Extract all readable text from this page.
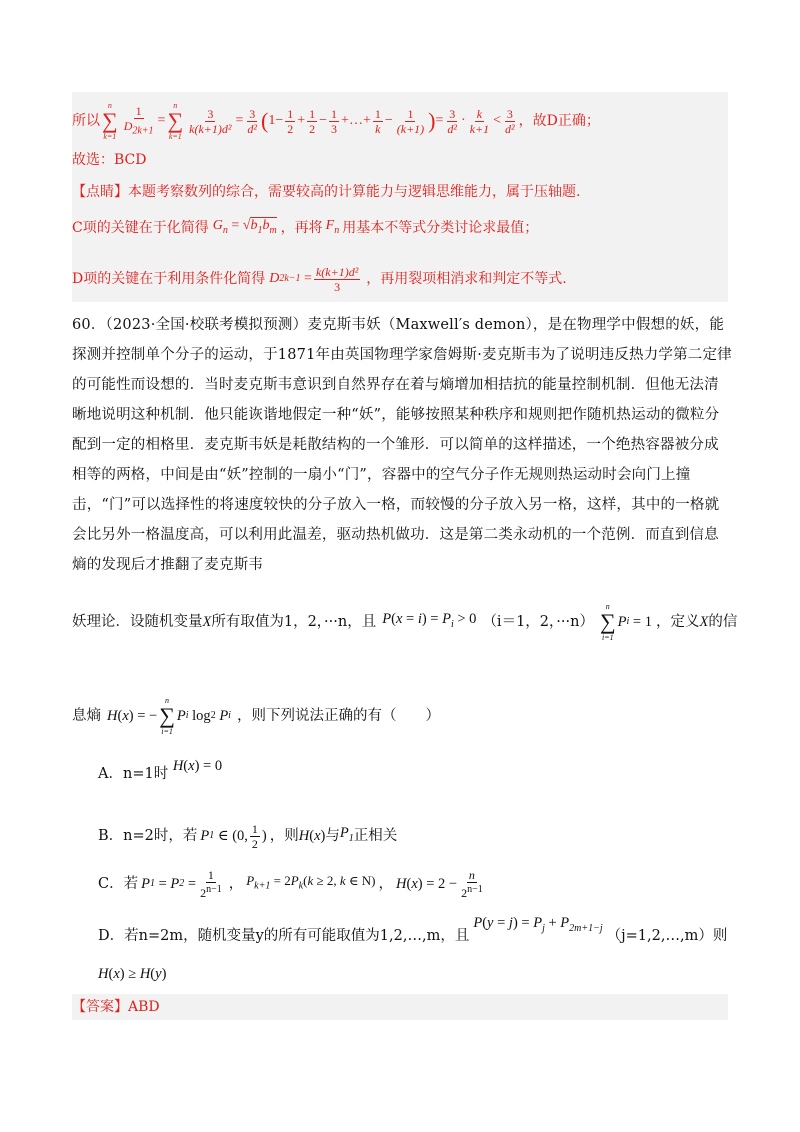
所以
n
∑
$k=1 \frac{1}{D_{2k+1}}$ =
n
∑
k=1
$\frac{3}{\text{k(k+1)d²}} = \frac{3}{\text{d²}}$ ( $1- \frac{1}{2} + \frac{1}{2} - \frac{1}{3}$ +…+ $\frac{1}{k} - \frac{1}{(k+1)}$ ) = $\frac{3}{\text{d²}} \cdot \frac{k}{k+1} < \frac{3}{\text{d²}}$ ，故D正确；
故选：BCD
【点睛】本题考察数列的综合，需要较高的计算能力与逻辑思维能力，属于压轴题.
C项的关键在于化简得 $G_n = √b_1b_m$ ，再将 $F_n$ 用基本不等式分类讨论求最值；
D项的关键在于利用条件化简得 D 2k−1
= $\frac{\text{k(k+1)d²}}{3}$ ，再用裂项相消求和判定不等式.
60．（2023·全国·校联考模拟预测）麦克斯韦妖（Maxwell′s demon），是在物理学中假想的妖，能探测并控制单个分子的运动，于1871年由英国物理学家詹姆斯·麦克斯韦为了说明违反热力学第二定律的可能性而设想的．当时麦克斯韦意识到自然界存在着与熵增加相拮抗的能量控制机制．但他无法清晰地说明这种机制．他只能诙谐地假定一种“妖”，能够按照某种秩序和规则把作随机热运动的微粒分配到一定的相格里．麦克斯韦妖是耗散结构的一个雏形．可以简单的这样描述，一个绝热容器被分成相等的两格，中间是由“妖”控制的一扇小“门”，容器中的空气分子作无规则热运动时会向门上撞击，“门”可以选择性的将速度较快的分子放入一格，而较慢的分子放入另一格，这样，其中的一格就会比另外一格温度高，可以利用此温差，驱动热机做功．这是第二类永动机的一个范例．而直到信息熵的发现后才推翻了麦克斯韦
妖理论．设随机变量 X 所有取值为1，2，···n，且 $P(x = i) = P_i > 0$ （i＝1，2，···n）
n
∑
i=1
P i = 1 ，定义 X 的信
息熵 H ( x ) = −
n
∑
i=1
P i
log 2 P i ，则下列说法正确的有（　　）
A．n=1时 H(x) = 0
B． n=2时，若 P 1 ∈ (0, $\frac{1}{2}$ ) ，则 H(x) 与 $P_1$ 正相关
C． 若 P 1 = P $2 = \frac{1}{2^{n-1}}$ ， $P_{k+1} = 2P_k(k \ge 2$, k ∈ N) ， H ( x ) = $2 - \frac{n}{2^{n-1}}$
D． 若n=2m，随机变量y的所有可能取值为1,2,…,m，且
$P(y = j) = P_j + P_{2m+1-j}$ （j=1,2,…,m）则
H(x) ≥ H(y)
【答案】ABD
